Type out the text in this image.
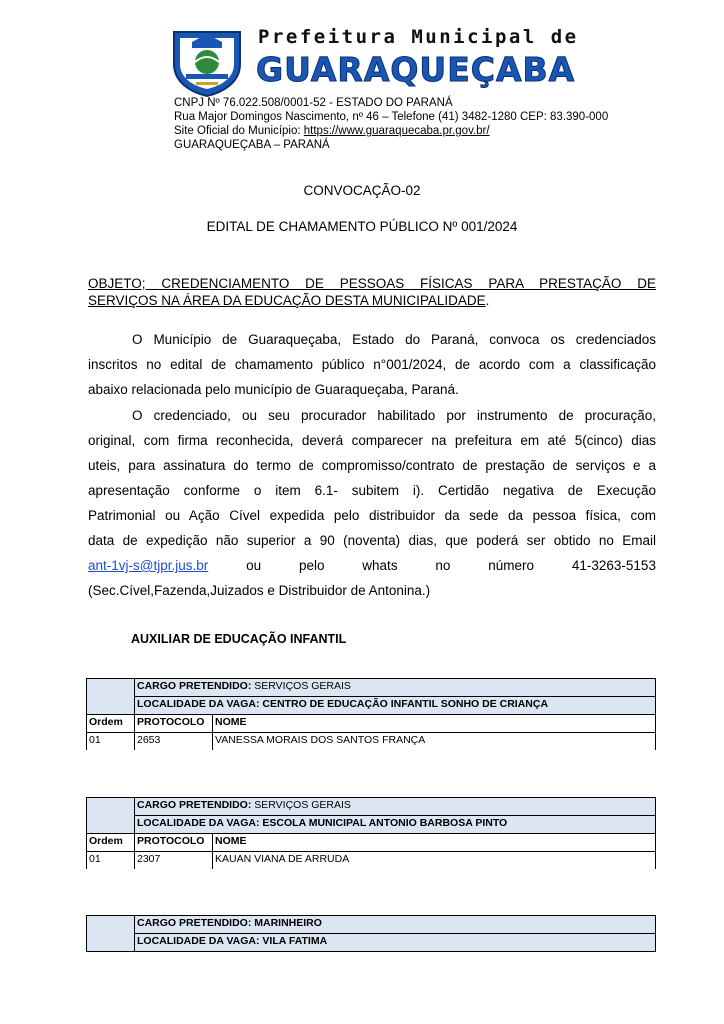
Prefeitura Municipal de
GUARAQUEÇABA
CNPJ Nº 76.022.508/0001-52 - ESTADO DO PARANÁ
Rua Major Domingos Nascimento, nº 46 – Telefone (41) 3482-1280 CEP: 83.390-000
Site Oficial do Município: https://www.guaraquecaba.pr.gov.br/
GUARAQUEÇABA – PARANÁ
CONVOCAÇÃO-02
EDITAL DE CHAMAMENTO PÚBLICO Nº 001/2024
OBJETO; CREDENCIAMENTO DE PESSOAS FÍSICAS PARA PRESTAÇÃO DE
SERVIÇOS NA ÁREA DA EDUCAÇÃO DESTA MUNICIPALIDADE.
O Município de Guaraqueçaba, Estado do Paraná, convoca os credenciados
inscritos no edital de chamamento público n°001/2024, de acordo com a classificação
abaixo relacionada pelo município de Guaraqueçaba, Paraná.
O credenciado, ou seu procurador habilitado por instrumento de procuração,
original, com firma reconhecida, deverá comparecer na prefeitura em até 5(cinco) dias
uteis, para assinatura do termo de compromisso/contrato de prestação de serviços e a
apresentação conforme o item 6.1- subitem i). Certidão negativa de Execução
Patrimonial ou Ação Cível expedida pelo distribuidor da sede da pessoa física, com
data de expedição não superior a 90 (noventa) dias, que poderá ser obtido no Email
ant-1vj-s@tjpr.jus.br	ou	pelo	whats	no	número	41-3263-5153
(Sec.Cível,Fazenda,Juizados e Distribuidor de Antonina.)
AUXILIAR DE EDUCAÇÃO INFANTIL
CARGO PRETENDIDO: SERVIÇOS GERAIS
LOCALIDADE DA VAGA: CENTRO DE EDUCAÇÃO INFANTIL SONHO DE CRIANÇA
Ordem	PROTOCOLO	NOME
01	2653	VANESSA MORAIS DOS SANTOS FRANÇA
CARGO PRETENDIDO: SERVIÇOS GERAIS
LOCALIDADE DA VAGA: ESCOLA MUNICIPAL ANTONIO BARBOSA PINTO
Ordem	PROTOCOLO	NOME
01	2307	KAUAN VIANA DE ARRUDA
CARGO PRETENDIDO: MARINHEIRO
LOCALIDADE DA VAGA: VILA FATIMA
